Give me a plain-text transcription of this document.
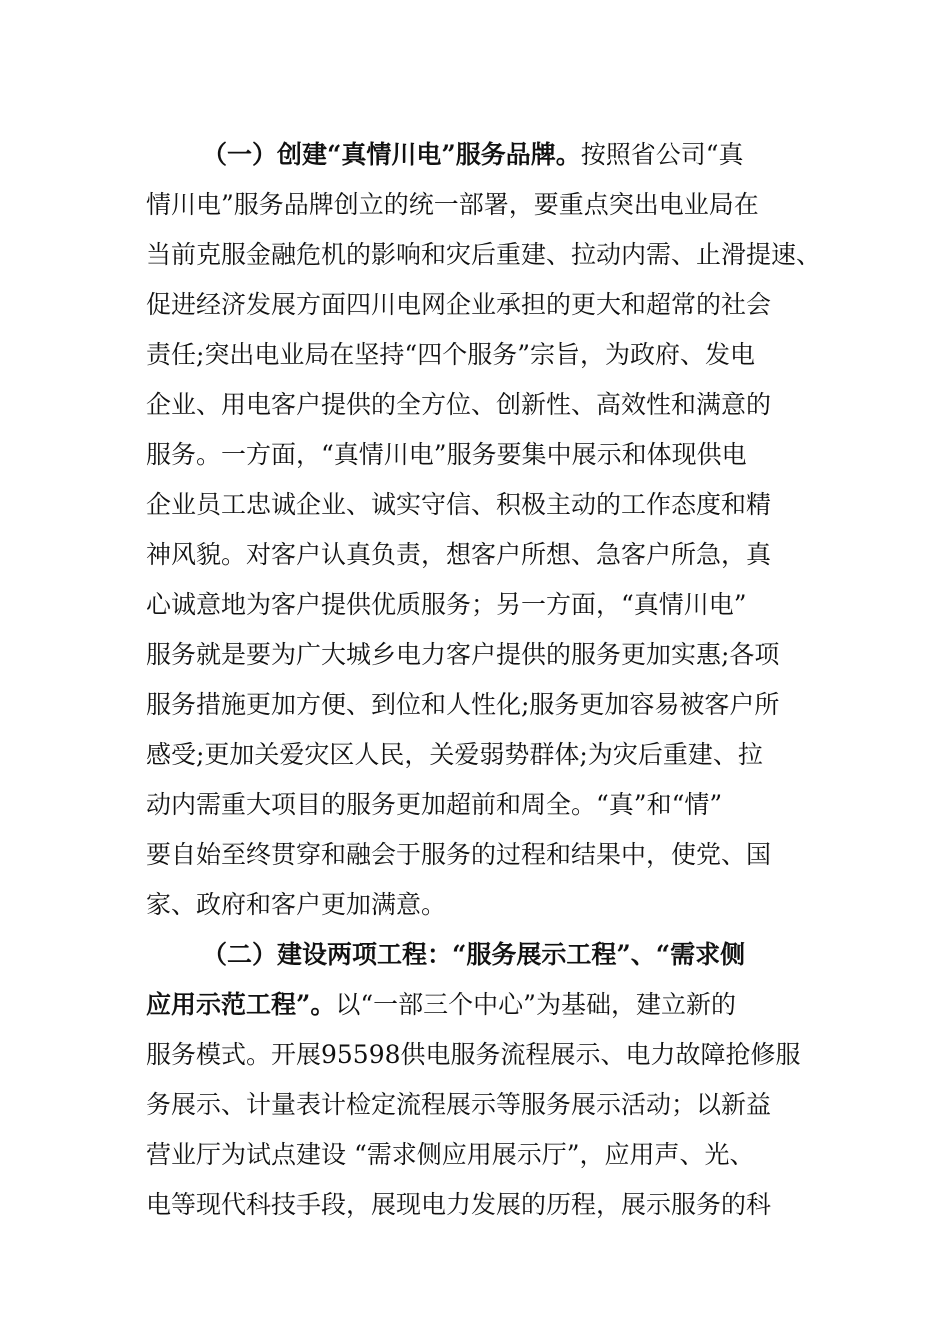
（一）创建“真情川电”服务品牌。按照省公司“真
情川电”服务品牌创立的统一部署，要重点突出电业局在
当前克服金融危机的影响和灾后重建、拉动内需、止滑提速、
促进经济发展方面四川电网企业承担的更大和超常的社会
责任;突出电业局在坚持“四个服务”宗旨，为政府、发电
企业、用电客户提供的全方位、创新性、高效性和满意的
服务。一方面，“真情川电”服务要集中展示和体现供电
企业员工忠诚企业、诚实守信、积极主动的工作态度和精
神风貌。对客户认真负责，想客户所想、急客户所急，真
心诚意地为客户提供优质服务；另一方面，“真情川电”
服务就是要为广大城乡电力客户提供的服务更加实惠;各项
服务措施更加方便、到位和人性化;服务更加容易被客户所
感受;更加关爱灾区人民，关爱弱势群体;为灾后重建、拉
动内需重大项目的服务更加超前和周全。“真”和“情”
要自始至终贯穿和融会于服务的过程和结果中，使党、国
家、政府和客户更加满意。
（二）建设两项工程：“服务展示工程”、“需求侧
应用示范工程”。以“一部三个中心”为基础，建立新的
服务模式。开展95598供电服务流程展示、电力故障抢修服
务展示、计量表计检定流程展示等服务展示活动；以新益
营业厅为试点建设 “需求侧应用展示厅”，应用声、光、
电等现代科技手段，展现电力发展的历程，展示服务的科
